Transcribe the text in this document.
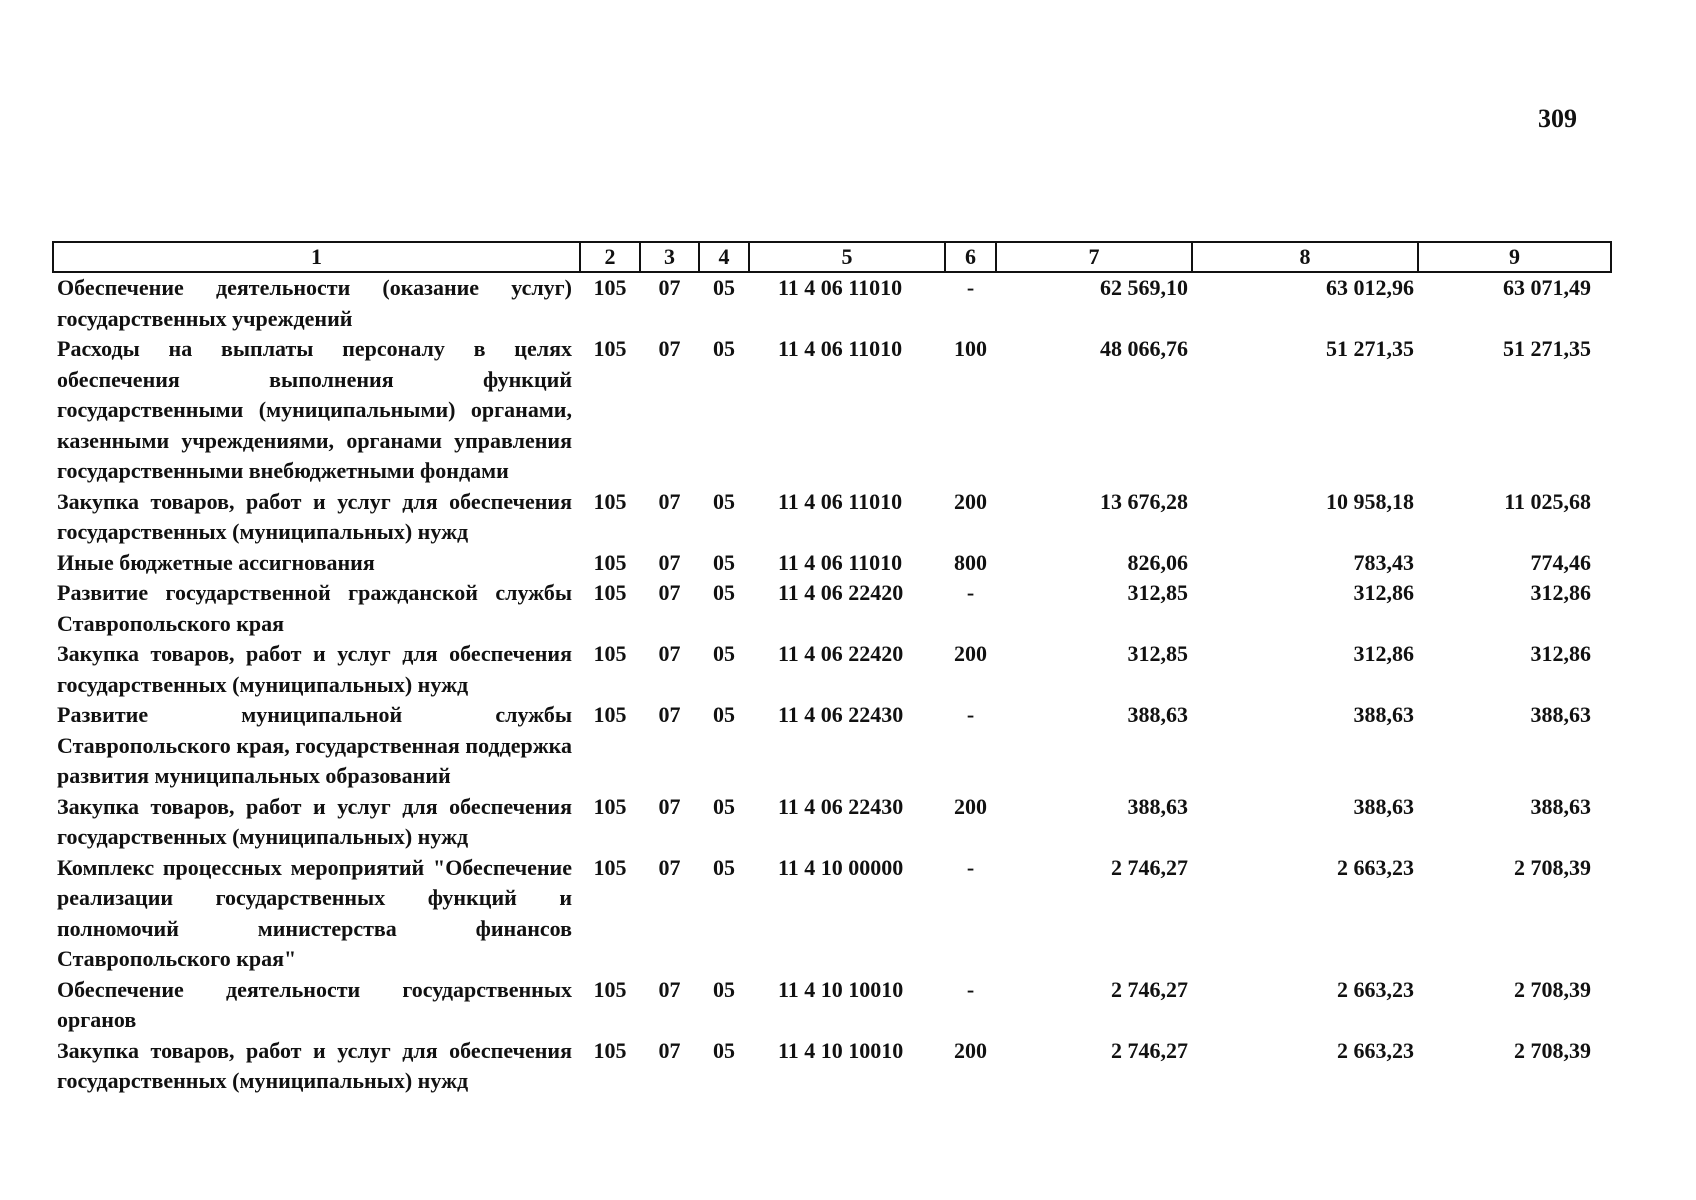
309
1	2	3	4	5	6	7	8	9
Обеспечение деятельности (оказание услуг) государственных учреждений	105	07	05	11 4 06 11010	-	62 569,10	63 012,96	63 071,49
Расходы на выплаты персоналу в целях обеспечения выполнения функций государственными (муниципальными) органами, казенными учреждениями, органами управления государственными внебюджетными фондами	105	07	05	11 4 06 11010	100	48 066,76	51 271,35	51 271,35
Закупка товаров, работ и услуг для обеспечения государственных (муниципальных) нужд	105	07	05	11 4 06 11010	200	13 676,28	10 958,18	11 025,68
Иные бюджетные ассигнования	105	07	05	11 4 06 11010	800	826,06	783,43	774,46
Развитие государственной гражданской службы Ставропольского края	105	07	05	11 4 06 22420	-	312,85	312,86	312,86
Закупка товаров, работ и услуг для обеспечения государственных (муниципальных) нужд	105	07	05	11 4 06 22420	200	312,85	312,86	312,86
Развитие муниципальной службы Ставропольского края, государственная поддержка развития муниципальных образований	105	07	05	11 4 06 22430	-	388,63	388,63	388,63
Закупка товаров, работ и услуг для обеспечения государственных (муниципальных) нужд	105	07	05	11 4 06 22430	200	388,63	388,63	388,63
Комплекс процессных мероприятий "Обеспечение реализации государственных функций и полномочий министерства финансов Ставропольского края"	105	07	05	11 4 10 00000	-	2 746,27	2 663,23	2 708,39
Обеспечение деятельности государственных органов	105	07	05	11 4 10 10010	-	2 746,27	2 663,23	2 708,39
Закупка товаров, работ и услуг для обеспечения государственных (муниципальных) нужд	105	07	05	11 4 10 10010	200	2 746,27	2 663,23	2 708,39
